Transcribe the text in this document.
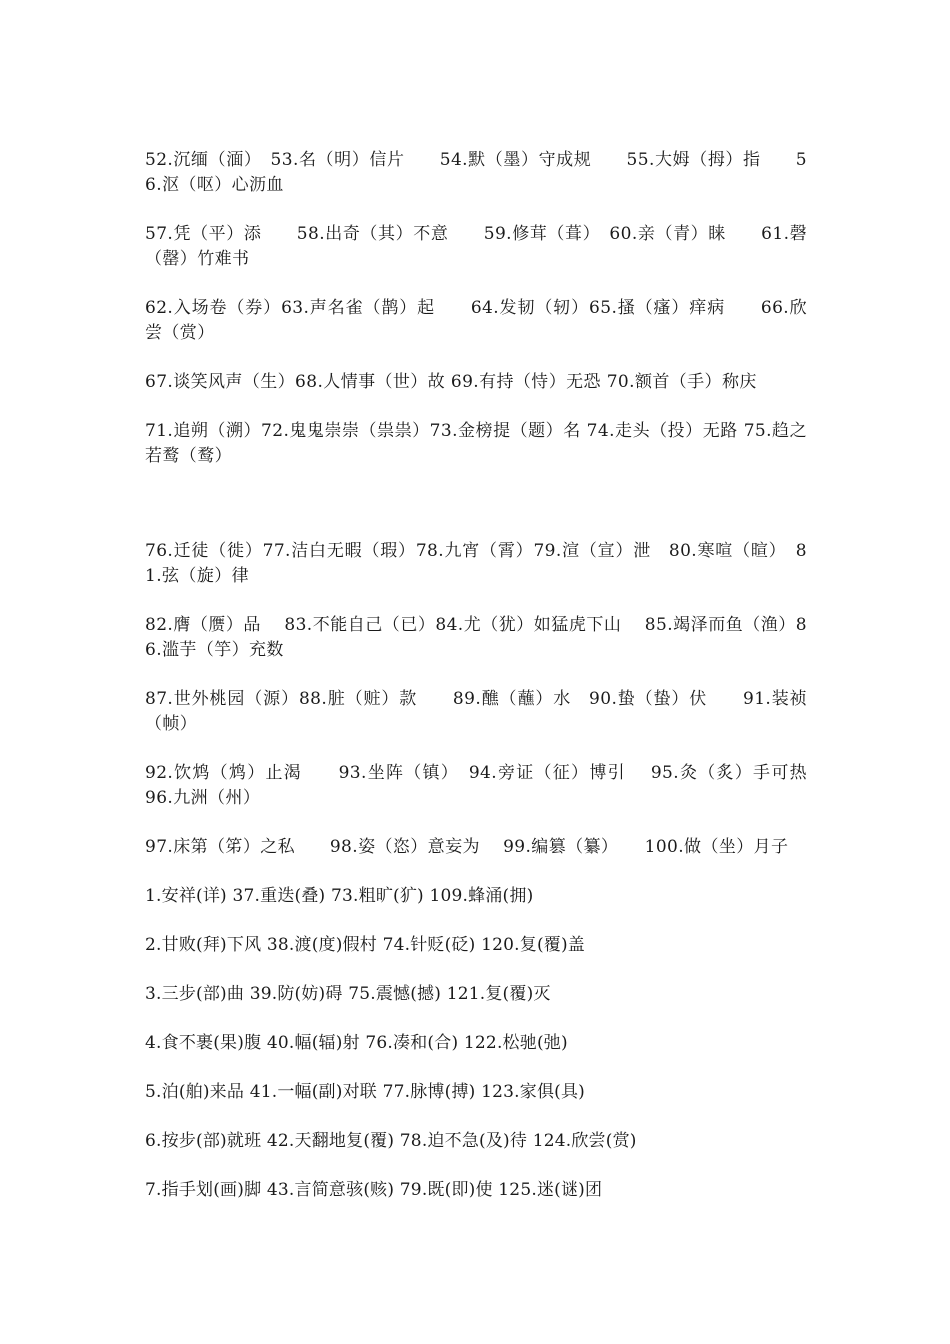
52.沉缅（湎）　53.名（明）信片　　54.默（墨）守成规　　55.大姆（拇）指　　56.沤（呕）心沥血

57.凭（平）添　　58.出奇（其）不意　　59.修茸（葺）　60.亲（青）睐　　61.磬（罄）竹难书

62.入场卷（券）63.声名雀（鹊）起　　64.发韧（轫）65.搔（瘙）痒病　　66.欣尝（赏）

67.谈笑风声（生）68.人情事（世）故 69.有持（恃）无恐 70.额首（手）称庆

71.追朔（溯）72.鬼鬼崇崇（祟祟）73.金榜提（题）名 74.走头（投）无路 75.趋之若鹜（鹜）

76.迁徒（徙）77.洁白无暇（瑕）78.九宵（霄）79.渲（宣）泄　80.寒喧（暄）　81.弦（旋）律

82.膺（赝）品　 83.不能自己（已）84.尤（犹）如猛虎下山　 85.竭泽而鱼（渔）86.滥芋（竽）充数

87.世外桃园（源）88.脏（赃）款　　89.醮（蘸）水　90.蛰（蛰）伏　　91.装祯（帧）

92.饮鸩（鸩）止渴　　93.坐阵（镇）　94.旁证（征）博引　 95.灸（炙）手可热　　96.九洲（州）

97.床第（笫）之私　　98.姿（恣）意妄为　 99.编篡（纂）　　100.做（坐）月子

1.安祥(详) 37.重迭(叠) 73.粗旷(犷) 109.蜂涌(拥)

2.甘败(拜)下风 38.渡(度)假村 74.针贬(砭) 120.复(覆)盖

3.三步(部)曲 39.防(妨)碍 75.震憾(撼) 121.复(覆)灭

4.食不裹(果)腹 40.幅(辐)射 76.凑和(合) 122.松驰(弛)

5.泊(舶)来品 41.一幅(副)对联 77.脉博(搏) 123.家俱(具)

6.按步(部)就班 42.天翻地复(覆) 78.迫不急(及)待 124.欣尝(赏)

7.指手划(画)脚 43.言简意骇(赅) 79.既(即)使 125.迷(谜)团
